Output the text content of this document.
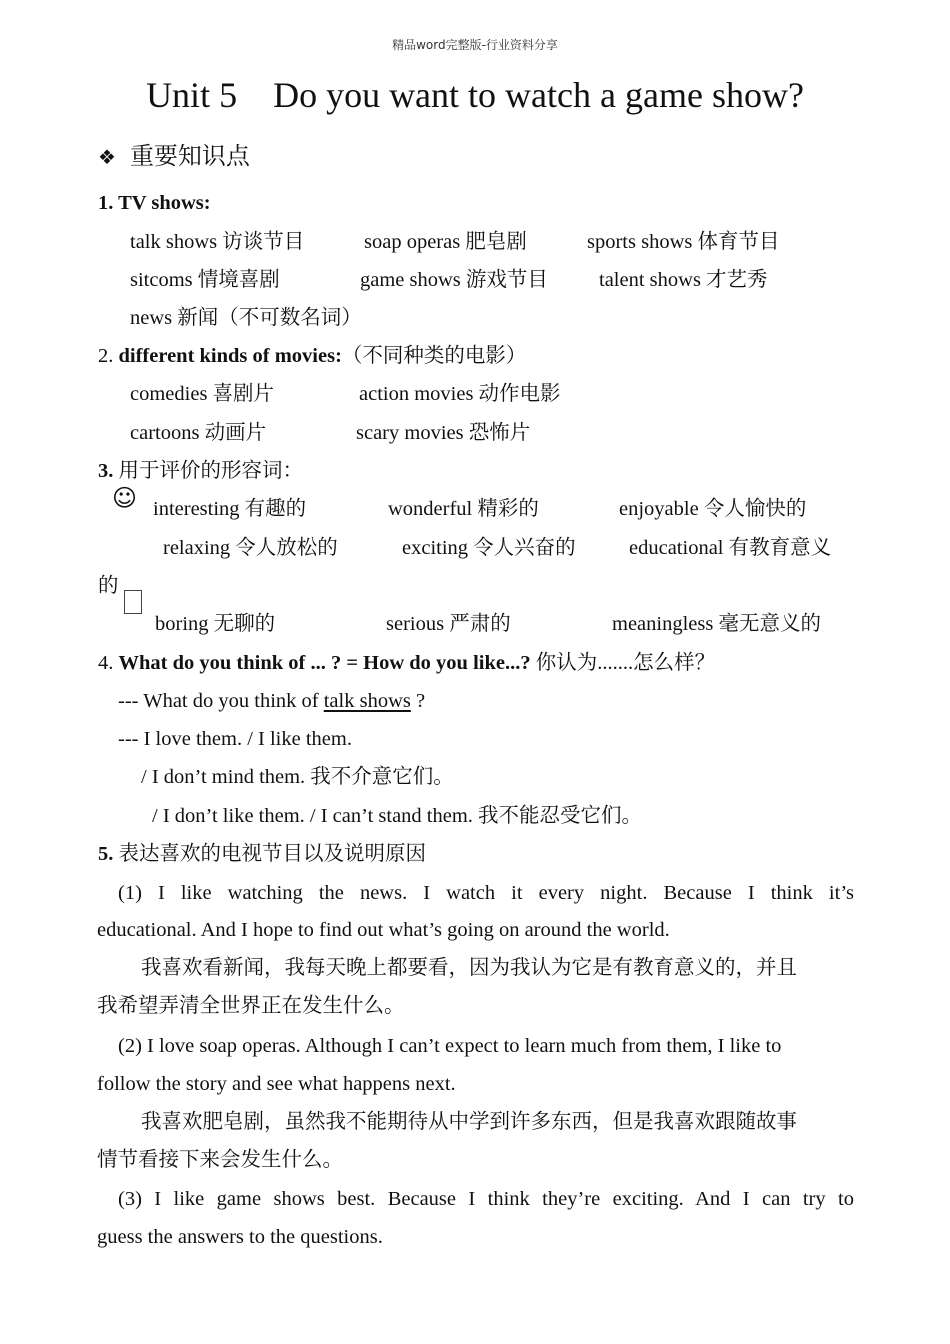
精品word完整版-行业资料分享
Unit 5    Do you want to watch a game show?
❖ 重要知识点
1. TV shows:
talk shows 访谈节目	soap operas 肥皂剧	sports shows 体育节目
sitcoms 情境喜剧	game shows 游戏节目 talent shows 才艺秀
news 新闻（不可数名词）
2. different kinds of movies:（不同种类的电影）
comedies 喜剧片	action movies 动作电影
cartoons 动画片	scary movies 恐怖片
3. 用于评价的形容词：
☺ interesting 有趣的	wonderful 精彩的	enjoyable 令人愉快的
relaxing 令人放松的	exciting 令人兴奋的	educational 有教育意义
的
boring 无聊的	serious 严肃的	meaningless 毫无意义的
4. What do you think of ... ? = How do you like...? 你认为.......怎么样？
--- What do you think of talk shows ?
--- I love them. / I like them.
/ I don’t mind them. 我不介意它们。
/ I don’t like them. / I can’t stand them. 我不能忍受它们。
5. 表达喜欢的电视节目以及说明原因
(1) I like watching the news. I watch it every night. Because I think it’s
educational. And I hope to find out what’s going on around the world.
我喜欢看新闻，我每天晚上都要看，因为我认为它是有教育意义的，并且
我希望弄清全世界正在发生什么。
(2) I love soap operas. Although I can’t expect to learn much from them, I like to
follow the story and see what happens next.
我喜欢肥皂剧，虽然我不能期待从中学到许多东西，但是我喜欢跟随故事
情节看接下来会发生什么。
(3) I like game shows best. Because I think they’re exciting. And I can try to
guess the answers to the questions.
